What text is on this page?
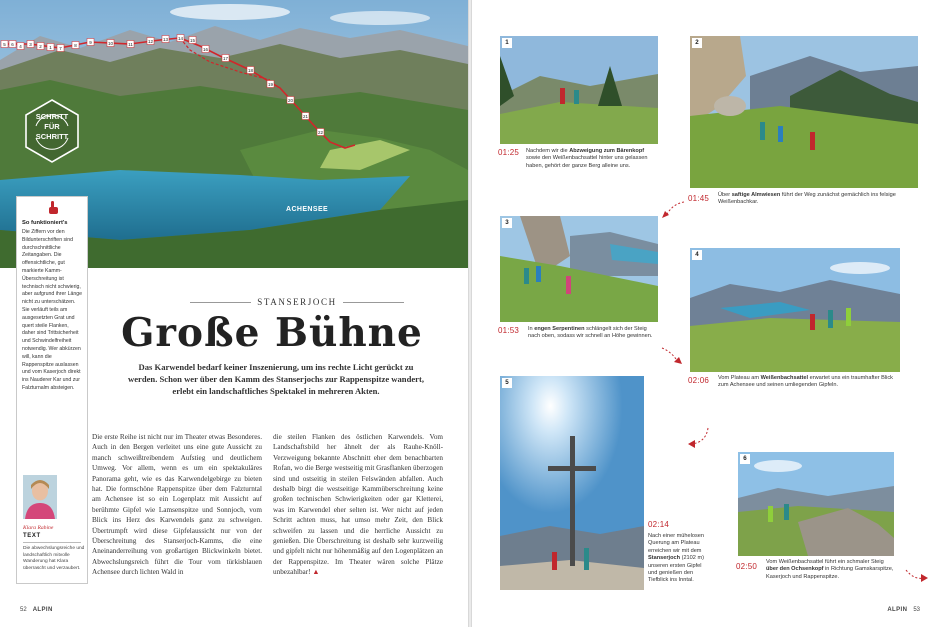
5 6 4 3 2 1 7
8
9	10	11
12 13 14 15
16
17
18
19
20
21
22
ACHENSEE
SCHRITT
FÜR
SCHRITT
So funktioniert's
Die Ziffern vor den Bildunterschriften sind durchschnittliche Zeitangaben. Die offensichtliche, gut markierte Kamm-Überschreitung ist technisch nicht schwierig, aber aufgrund ihrer Länge nicht zu unterschätzen. Sie verläuft teils am ausgesetzten Grat und quert steile Flanken, daher sind Trittsicherheit und Schwindelfreiheit notwendig. Wer abkürzen will, kann die Rappenspitze auslassen und vom Kaserjoch direkt ins Nauderer Kar und zur Falzturnalm absteigen.
Klara Rabine
TEXT
Die abwechslungsreiche und landschaftlich mitvolle Wanderung hat Klara überrascht und verzaubert.
STANSERJOCH
Große Bühne

Das Karwendel bedarf keiner Inszenierung, um ins rechte Licht gerückt zu werden. Schon wer über den Kamm des Stanserjochs zur Rappenspitze wandert, erlebt ein landschaftliches Spektakel in mehreren Akten.

Die erste Reihe ist nicht nur im Theater etwas Besonderes. Auch in den Bergen verleitet uns eine gute Aussicht zu manch schweißtreibendem Aufstieg und deutlichem Umweg. Vor allem, wenn es um ein spektakuläres Panorama geht, wie es das Karwendelgebirge zu bieten hat. Die formschöne Rappenspitze über dem Falzturntal am Achensee ist so ein Logenplatz mit Aussicht auf berühmte Gipfel wie Lamsenspitze und Sonnjoch, vom Blick ins Herz des Karwendels ganz zu schweigen. Übertrumpft wird diese Gipfelaussicht nur von der Überschreitung des Stanserjoch-Kamms, die eine Aneinanderreihung von großartigen Blickwinkeln bietet. Abwechslungsreich führt die Tour vom türkisblauen Achensee durch lichten Wald in

die steilen Flanken des östlichen Karwendels. Vom Landschaftsbild her ähnelt der als Rauhe-Knöll-Verzweigung bekannte Abschnitt eher dem benachbarten Rofan, wo die Berge westseitig mit Grasflanken überzogen sind und ostseitig in steilen Felswänden abfallen. Auch deshalb birgt die westseitige Kammüberschreitung keine großen technischen Schwierigkeiten oder gar Kletterei, was im Karwendel eher selten ist. Wer nicht auf jeden Schritt achten muss, hat umso mehr Zeit, den Blick schweifen zu lassen und die herrliche Aussicht zu genießen. Die Überschreitung ist deshalb sehr kurzweilig und gipfelt nicht nur höhenmäßig auf den Logenplätzen an der Rappenspitze. Im Theater wären solche Plätze unbezahlbar! ▲

52 ALPIN
1
01:25 Nachdem wir die Abzweigung zum Bärenkopf sowie den Weißenbachsattel hinter uns gelassen haben, gehört der ganze Berg alleine uns.
2
01:45 Über saftige Almwiesen führt der Weg zunächst gemächlich ins felsige Weißenbachkar.
3
01:53 In engen Serpentinen schlängelt sich der Steig nach oben, sodass wir schnell an Höhe gewinnen.
4
02:06 Vom Plateau am Weißenbachsattel erwartet uns ein traumhafter Blick zum Achensee und seinen umliegenden Gipfeln.
5
02:14
Nach einer mühelosen Querung am Plateau erreichen wir mit dem Stanserjoch (2102 m) unseren ersten Gipfel und genießen den Tiefblick ins Inntal.
6
02:50 Vom Weißenbachsattel führt ein schmaler Steig über den Ochsenkopf in Richtung Gamskarspitze, Kaserjoch und Rappenspitze.
ALPIN 53
